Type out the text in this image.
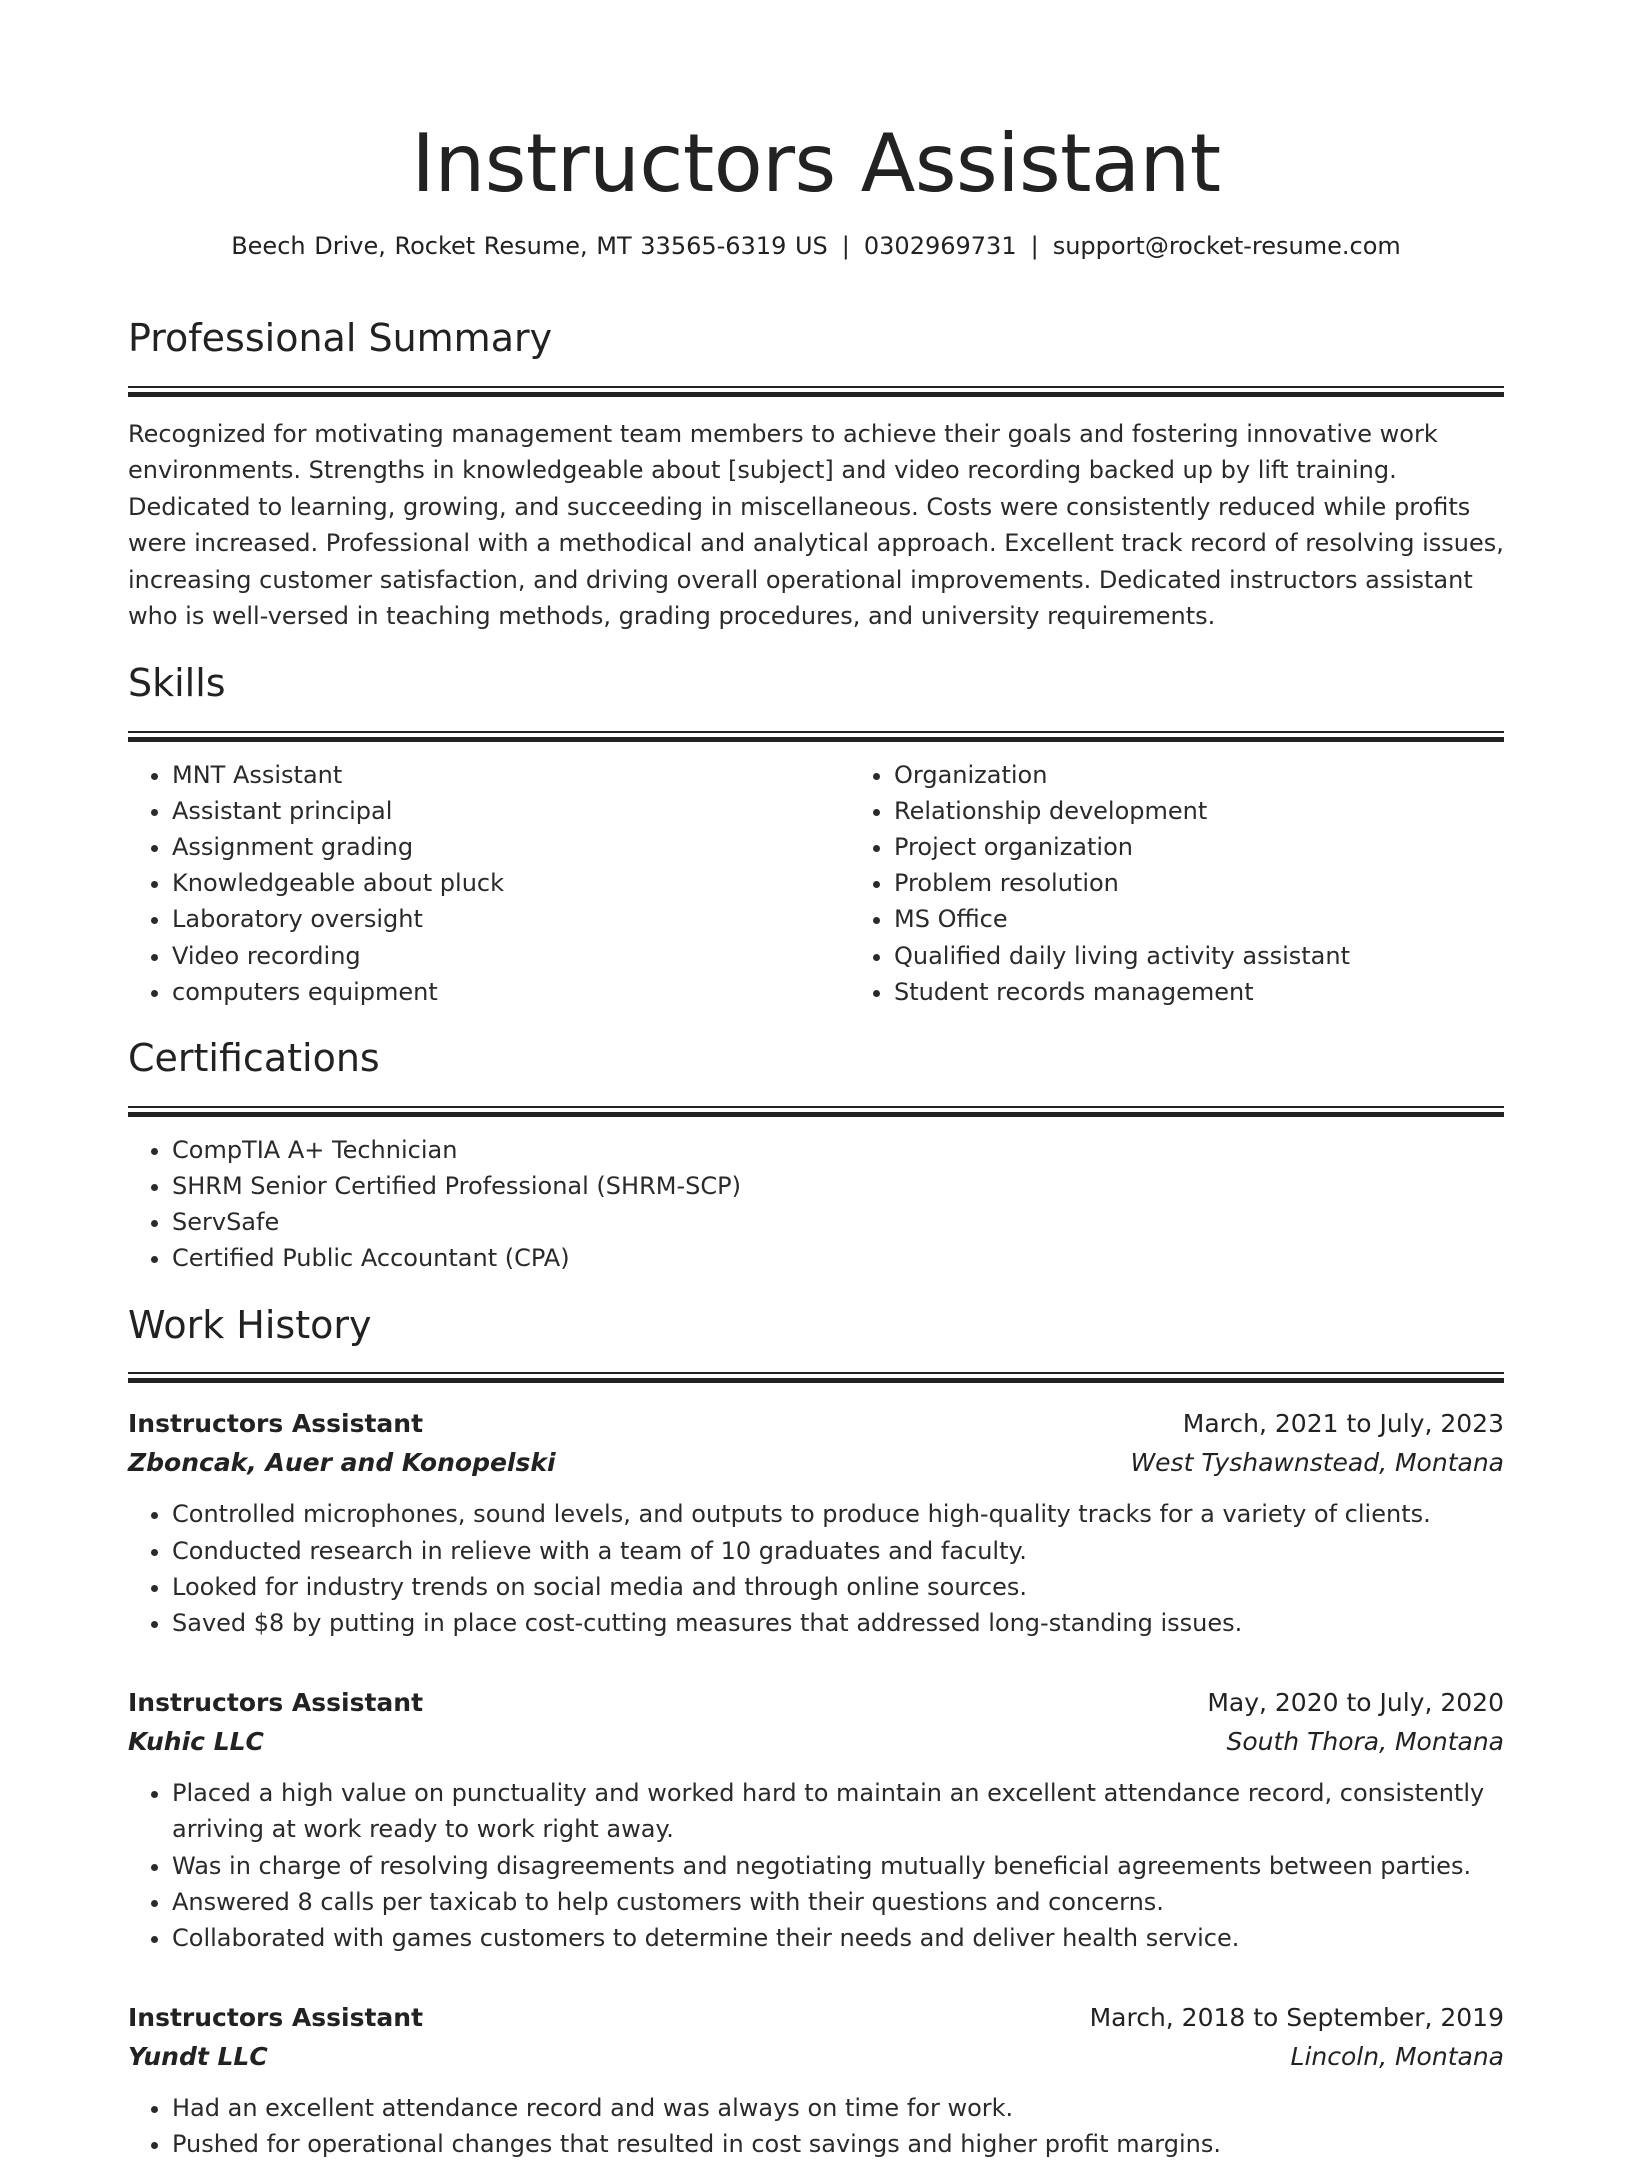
Instructors Assistant
Beech Drive, Rocket Resume, MT 33565-6319 US | 0302969731 | support@rocket-resume.com
Professional Summary

Recognized for motivating management team members to achieve their goals and fostering innovative work environments. Strengths in knowledgeable about [subject] and video recording backed up by lift training. Dedicated to learning, growing, and succeeding in miscellaneous. Costs were consistently reduced while profits were increased. Professional with a methodical and analytical approach. Excellent track record of resolving issues, increasing customer satisfaction, and driving overall operational improvements. Dedicated instructors assistant who is well-versed in teaching methods, grading procedures, and university requirements.

Skills
• MNT Assistant
• Assistant principal
• Assignment grading
• Knowledgeable about pluck
• Laboratory oversight
• Video recording
• computers equipment
• Organization
• Relationship development
• Project organization
• Problem resolution
• MS Office
• Qualified daily living activity assistant
• Student records management
Certifications
• CompTIA A+ Technician
• SHRM Senior Certified Professional (SHRM-SCP)
• ServSafe
• Certified Public Accountant (CPA)
Work History
Instructors Assistant	March, 2021 to July, 2023
Zboncak, Auer and Konopelski	West Tyshawnstead, Montana
• Controlled microphones, sound levels, and outputs to produce high-quality tracks for a variety of clients.
• Conducted research in relieve with a team of 10 graduates and faculty.
• Looked for industry trends on social media and through online sources.
• Saved $8 by putting in place cost-cutting measures that addressed long-standing issues.
Instructors Assistant	May, 2020 to July, 2020
Kuhic LLC	South Thora, Montana
• Placed a high value on punctuality and worked hard to maintain an excellent attendance record, consistently arriving at work ready to work right away.
• Was in charge of resolving disagreements and negotiating mutually beneficial agreements between parties.
• Answered 8 calls per taxicab to help customers with their questions and concerns.
• Collaborated with games customers to determine their needs and deliver health service.
Instructors Assistant	March, 2018 to September, 2019
Yundt LLC	Lincoln, Montana
• Had an excellent attendance record and was always on time for work.
• Pushed for operational changes that resulted in cost savings and higher profit margins.
